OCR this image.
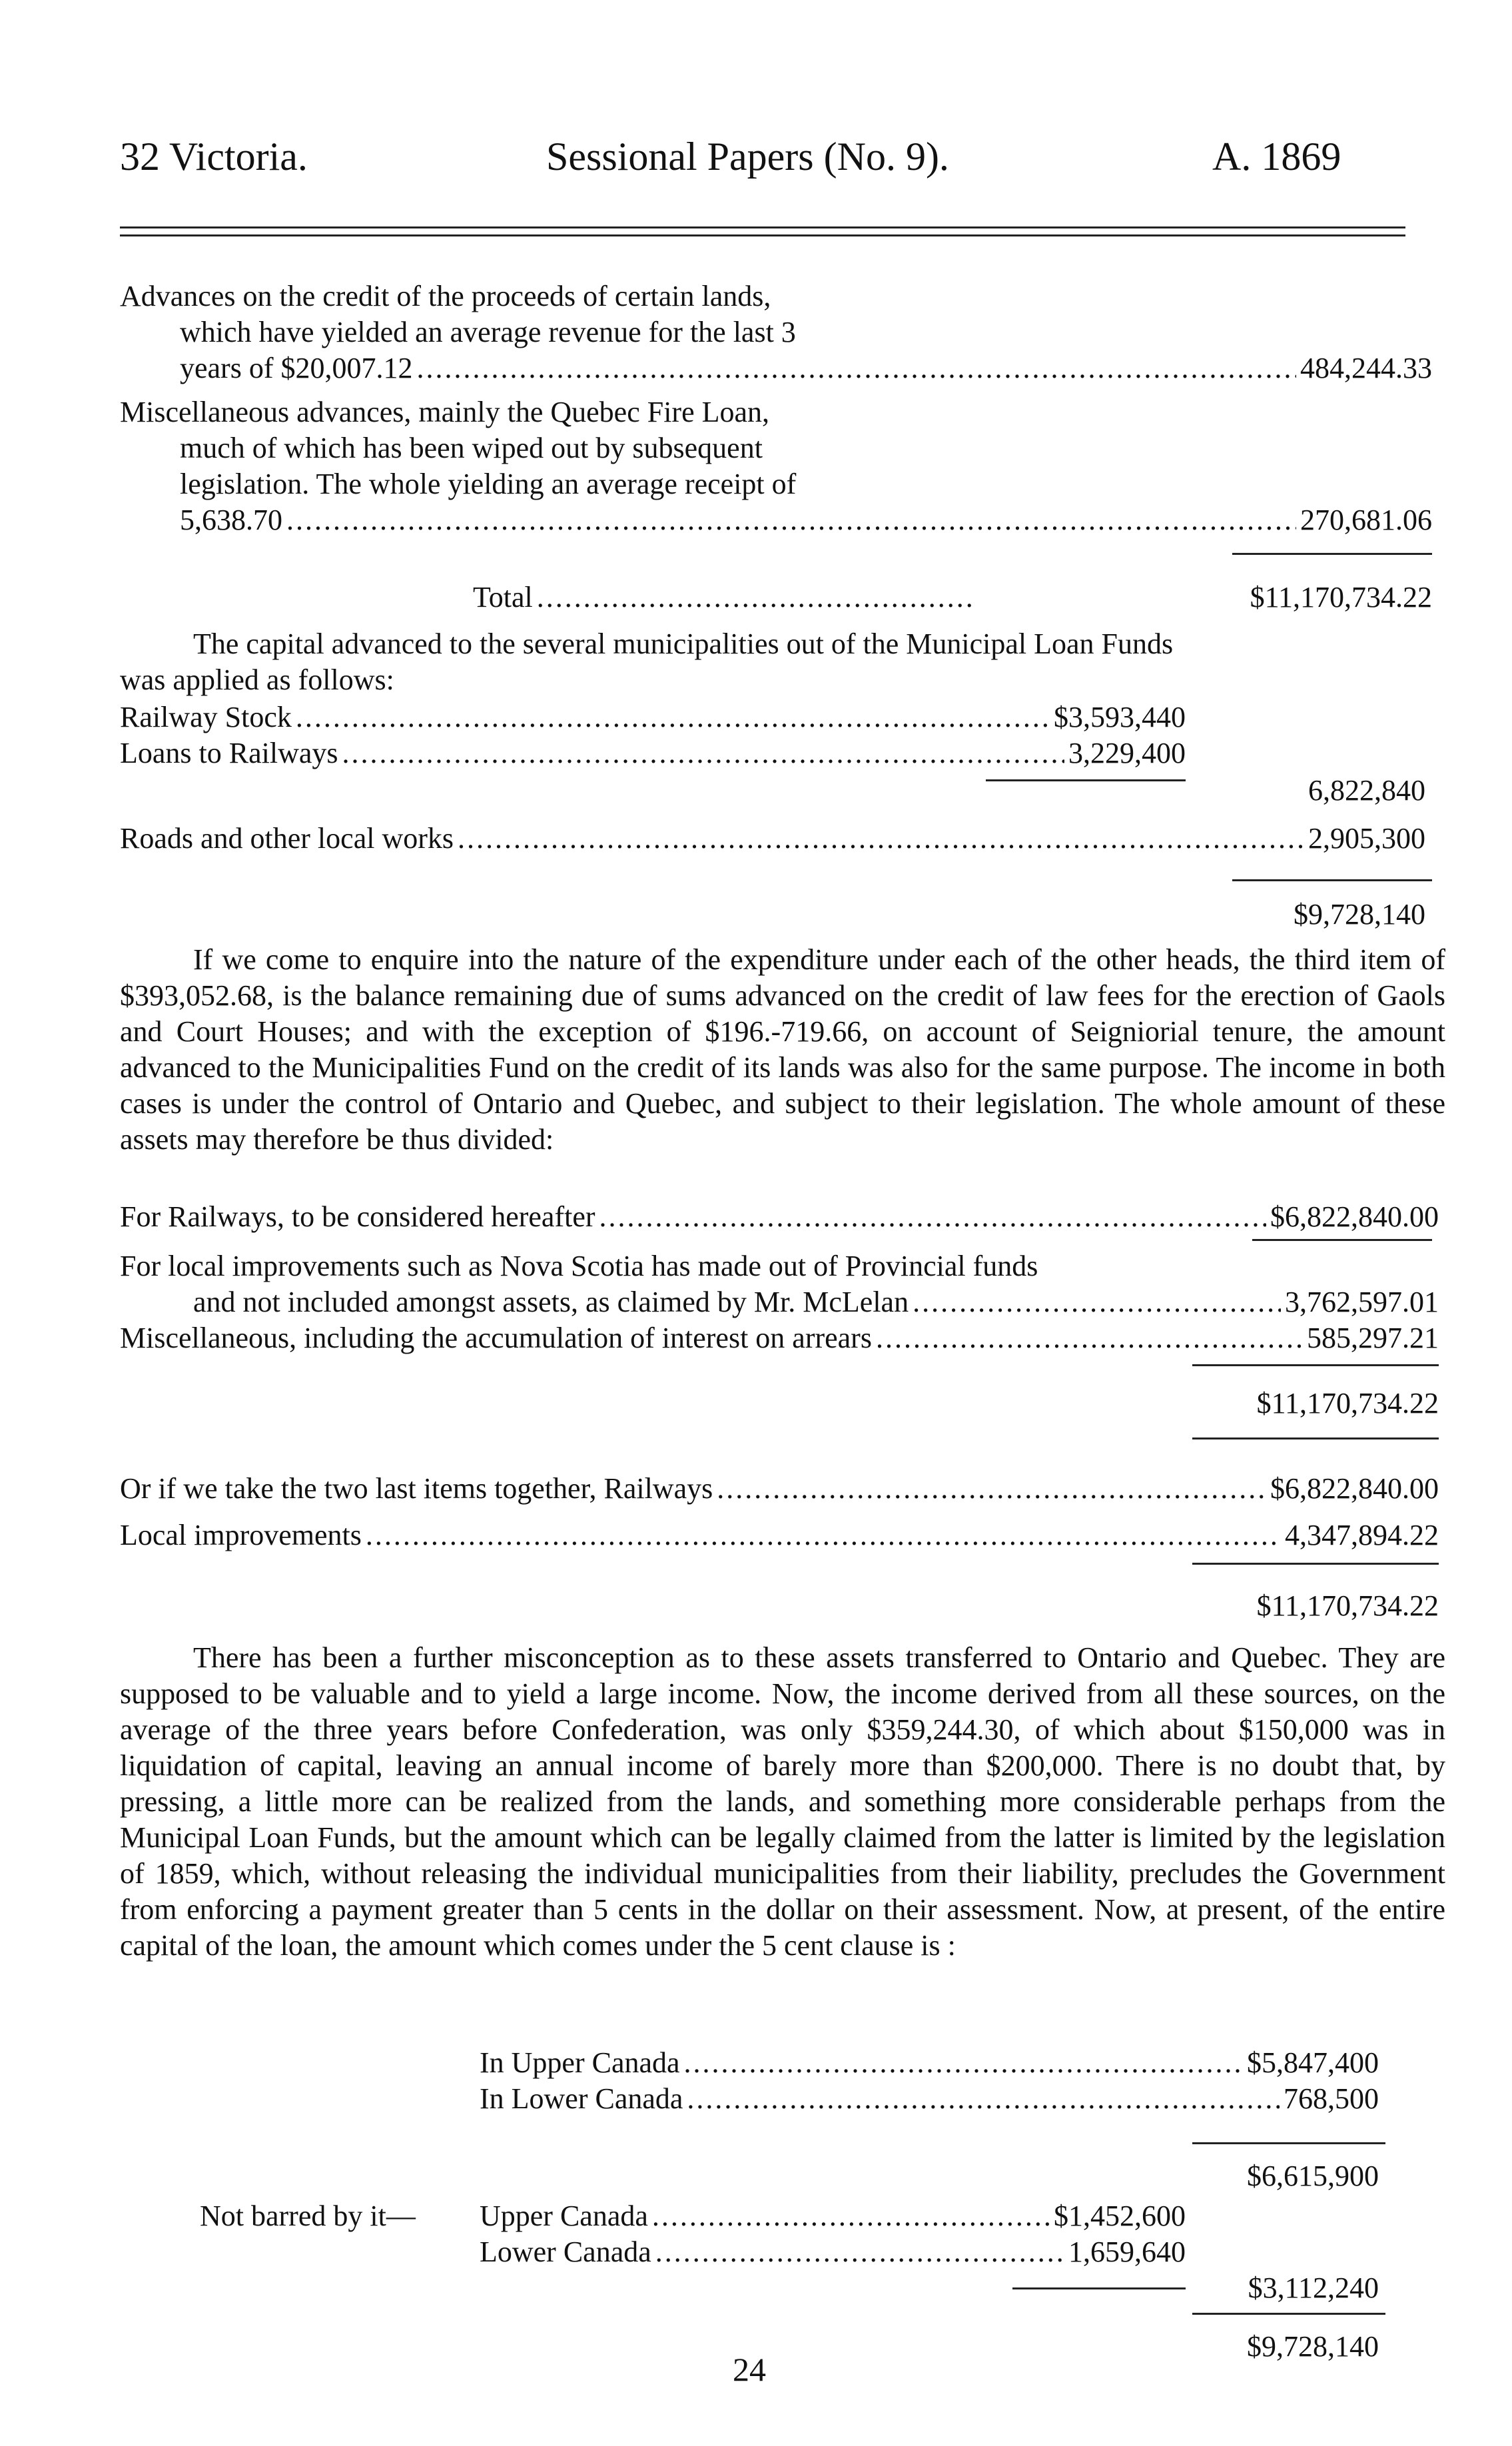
32 Victoria.	Sessional Papers (No. 9).	A. 1869
Advances on the credit of the proceeds of certain lands,
which have yielded an average revenue for the last 3
years of $20,007.12 .....	484,244.33
Miscellaneous advances, mainly the Quebec Fire Loan,
much of which has been wiped out by subsequent
legislation. The whole yielding an average receipt of
5,638.70 .....	270,681.06
Total .....	$11,170,734.22
The capital advanced to the several municipalities out of the Municipal Loan Funds
was applied as follows:
Railway Stock .....	$3,593,440
Loans to Railways .....	3,229,400
6,822,840
Roads and other local works .....	2,905,300
$9,728,140

If we come to enquire into the nature of the expenditure under each of the other heads, the third item of $393,052.68, is the balance remaining due of sums advanced on the credit of law fees for the erection of Gaols and Court Houses; and with the exception of $196.-719.66, on account of Seigniorial tenure, the amount advanced to the Municipalities Fund on the credit of its lands was also for the same purpose. The income in both cases is under the control of Ontario and Quebec, and subject to their legislation. The whole amount of these assets may therefore be thus divided:

For Railways, to be considered hereafter .....	$6,822,840.00
For local improvements such as Nova Scotia has made out of Provincial funds
and not included amongst assets, as claimed by Mr. McLelan .....	3,762,597.01
Miscellaneous, including the accumulation of interest on arrears .....	585,297.21
$11,170,734.22
Or if we take the two last items together, Railways .....	$6,822,840.00
Local improvements .....	4,347,894.22
$11,170,734.22

There has been a further misconception as to these assets transferred to Ontario and Quebec. They are supposed to be valuable and to yield a large income. Now, the income derived from all these sources, on the average of the three years before Confederation, was only $359,244.30, of which about $150,000 was in liquidation of capital, leaving an annual income of barely more than $200,000. There is no doubt that, by pressing, a little more can be realized from the lands, and something more considerable perhaps from the Municipal Loan Funds, but the amount which can be legally claimed from the latter is limited by the legislation of 1859, which, without releasing the individual municipalities from their liability, precludes the Government from enforcing a payment greater than 5 cents in the dollar on their assessment. Now, at present, of the entire capital of the loan, the amount which comes under the 5 cent clause is :

In Upper Canada .....	$5,847,400
In Lower Canada .....	768,500
$6,615,900
Not barred by it— Upper Canada .....	$1,452,600
Lower Canada .....	1,659,640
$3,112,240
$9,728,140
24
